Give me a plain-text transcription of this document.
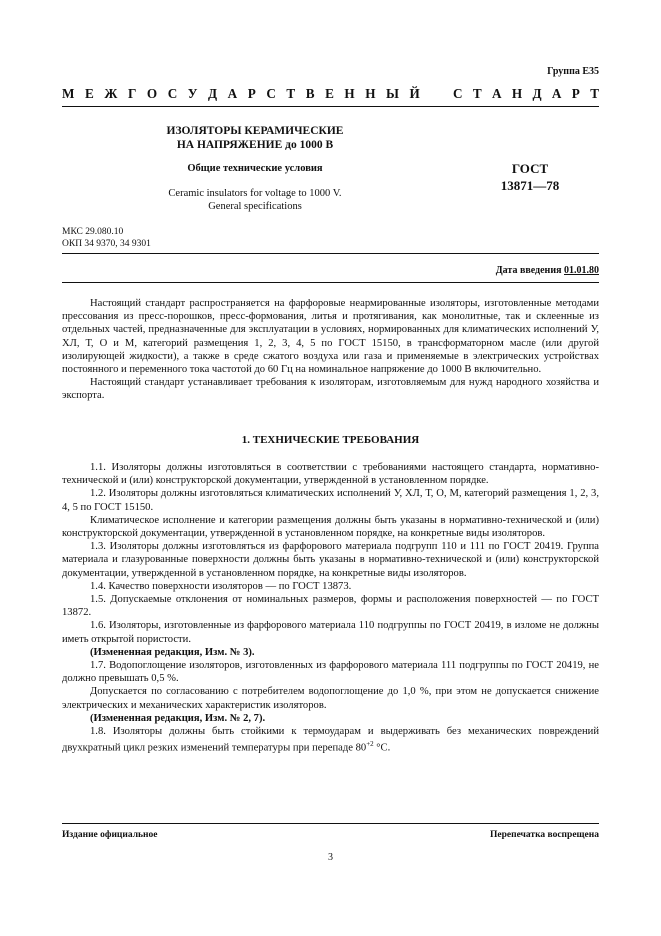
Группа Е35
М Е Ж Г О С У Д А Р С Т В Е Н Н Ы Й	С Т А Н Д А Р Т
ИЗОЛЯТОРЫ КЕРАМИЧЕСКИЕ
НА НАПРЯЖЕНИЕ до 1000 В
Общие технические условия
Ceramic insulators for voltage to 1000 V.
General specifications
ГОСТ
13871—78
МКС 29.080.10
ОКП 34 9370, 34 9301
Дата введения 01.01.80

Настоящий стандарт распространяется на фарфоровые неармированные изоляторы, изготовленные методами прессования из пресс-порошков, пресс-формования, литья и протягивания, как монолитные, так и склеенные из отдельных частей, предназначенные для эксплуатации в условиях, нормированных для климатических исполнений У, ХЛ, Т, О и М, категорий размещения 1, 2, 3, 4, 5 по ГОСТ 15150, в трансформаторном масле (или другой изолирующей жидкости), а также в среде сжатого воздуха или газа и применяемые в электрических устройствах постоянного и переменного тока частотой до 60 Гц на номинальное напряжение до 1000 В включительно.

Настоящий стандарт устанавливает требования к изоляторам, изготовляемым для нужд народного хозяйства и экспорта.

1. ТЕХНИЧЕСКИЕ ТРЕБОВАНИЯ

1.1. Изоляторы должны изготовляться в соответствии с требованиями настоящего стандарта, нормативно-технической и (или) конструкторской документации, утвержденной в установленном порядке.

1.2. Изоляторы должны изготовляться климатических исполнений У, ХЛ, Т, О, М, категорий размещения 1, 2, 3, 4, 5 по ГОСТ 15150.

Климатическое исполнение и категории размещения должны быть указаны в нормативно-технической и (или) конструкторской документации, утвержденной в установленном порядке, на конкретные виды изоляторов.

1.3. Изоляторы должны изготовляться из фарфорового материала подгрупп 110 и 111 по ГОСТ 20419. Группа материала и глазурованные поверхности должны быть указаны в нормативно-технической и (или) конструкторской документации, утвержденной в установленном порядке, на конкретные виды изоляторов.

1.4. Качество поверхности изоляторов — по ГОСТ 13873.

1.5. Допускаемые отклонения от номинальных размеров, формы и расположения поверхностей — по ГОСТ 13872.

1.6. Изоляторы, изготовленные из фарфорового материала 110 подгруппы по ГОСТ 20419, в изломе не должны иметь открытой пористости.

(Измененная редакция, Изм. № 3).

1.7. Водопоглощение изоляторов, изготовленных из фарфорового материала 111 подгруппы по ГОСТ 20419, не должно превышать 0,5 %.

Допускается по согласованию с потребителем водопоглощение до 1,0 %, при этом не допускается снижение электрических и механических характеристик изоляторов.

(Измененная редакция, Изм. № 2, 7).

1.8. Изоляторы должны быть стойкими к термоударам и выдерживать без механических повреждений двухкратный цикл резких изменений температуры при перепаде $80^{+2}$ °С.

Издание официальное	Перепечатка воспрещена
3
